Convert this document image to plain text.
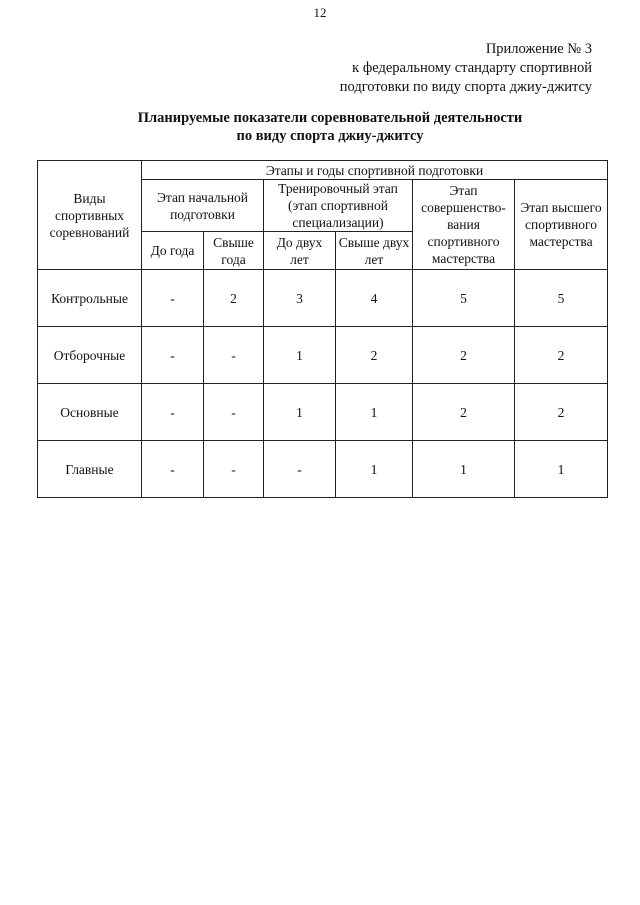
12
Приложение № 3
к федеральному стандарту спортивной
подготовки по виду спорта джиу-джитсу
Планируемые показатели соревновательной деятельности
по виду спорта джиу-джитсу
Виды спортивных соревнований	Этапы и годы спортивной подготовки					
	Этап начальной подготовки		Тренировочный этап (этап спортивной специализации)		Этап совершенство-вания спортивного мастерства	Этап высшего спортивного мастерства
	До года	Свыше года	До двух лет	Свыше двух лет		
Контрольные	-	2	3	4	5	5
Отборочные	-	-	1	2	2	2
Основные	-	-	1	1	2	2
Главные	-	-	-	1	1	1
